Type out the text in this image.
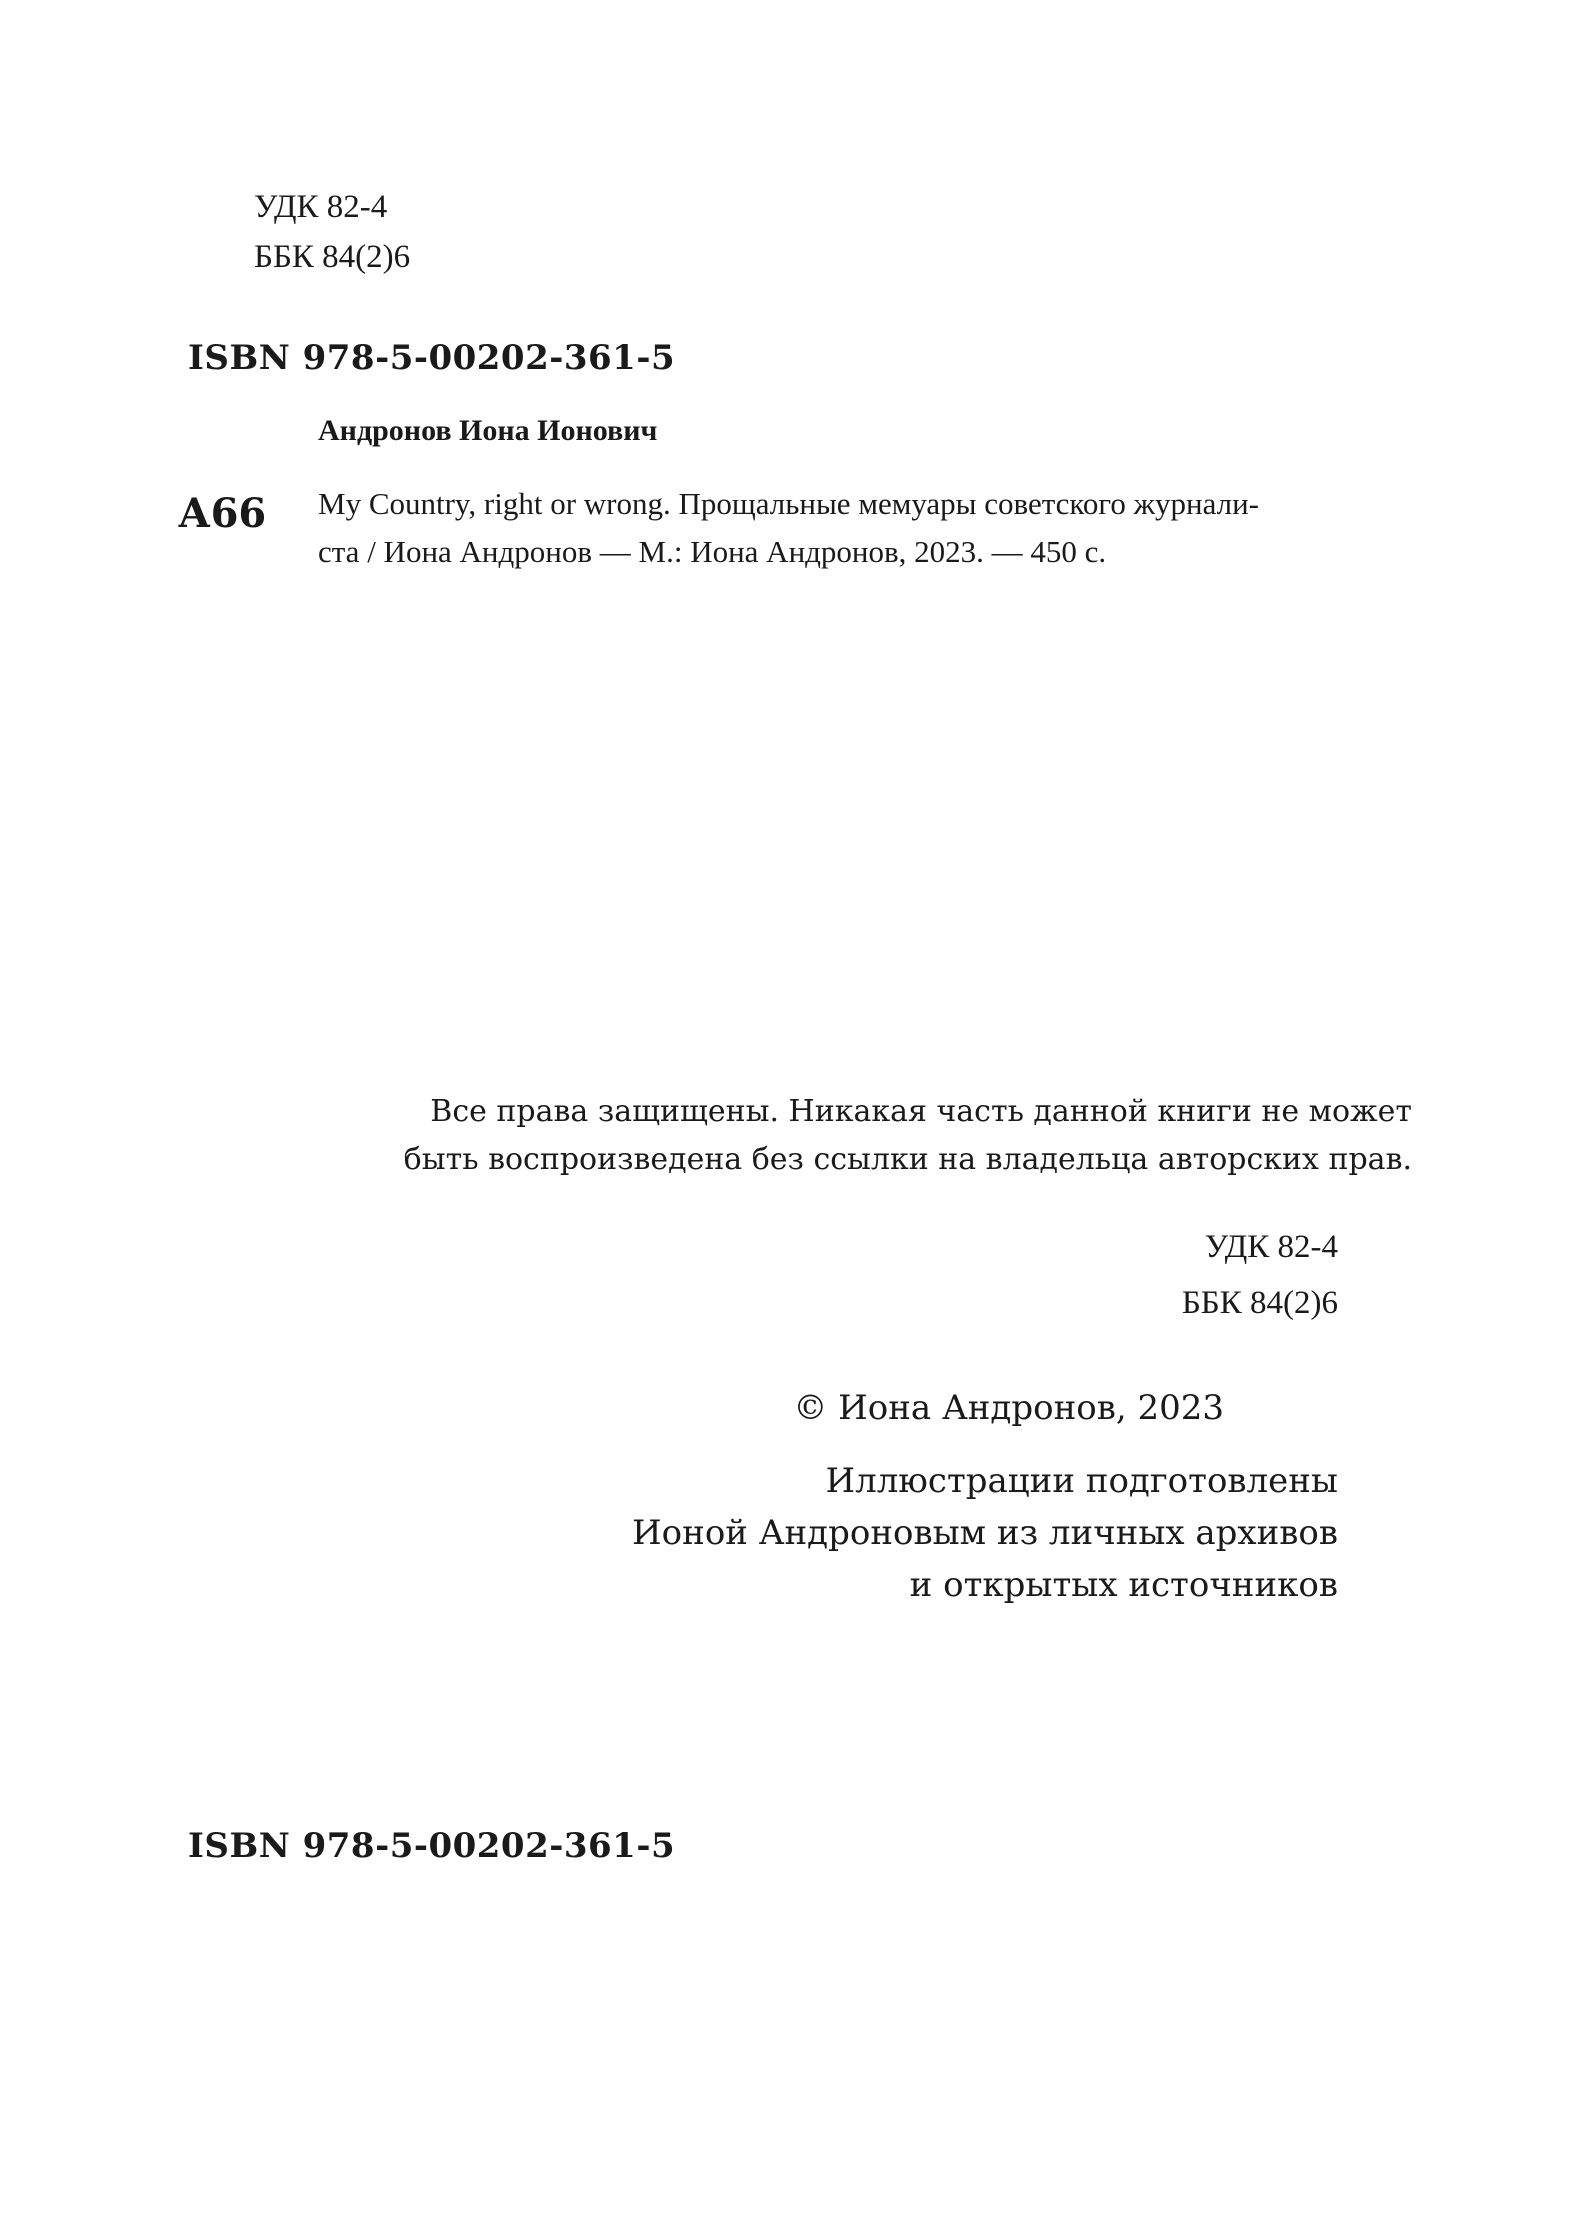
УДК 82-4
ББК 84(2)6
ISBN 978-5-00202-361-5
Андронов Иона Ионович
А66 My Country, right or wrong. Прощальные мемуары советского журнали-
ста / Иона Андронов — М.: Иона Андронов, 2023. — 450 с.
Все права защищены. Никакая часть данной книги не может
быть воспроизведена без ссылки на владельца авторских прав.
УДК 82-4
ББК 84(2)6
© Иона Андронов, 2023
Иллюстрации подготовлены
Ионой Андроновым из личных архивов
и открытых источников
ISBN 978-5-00202-361-5
